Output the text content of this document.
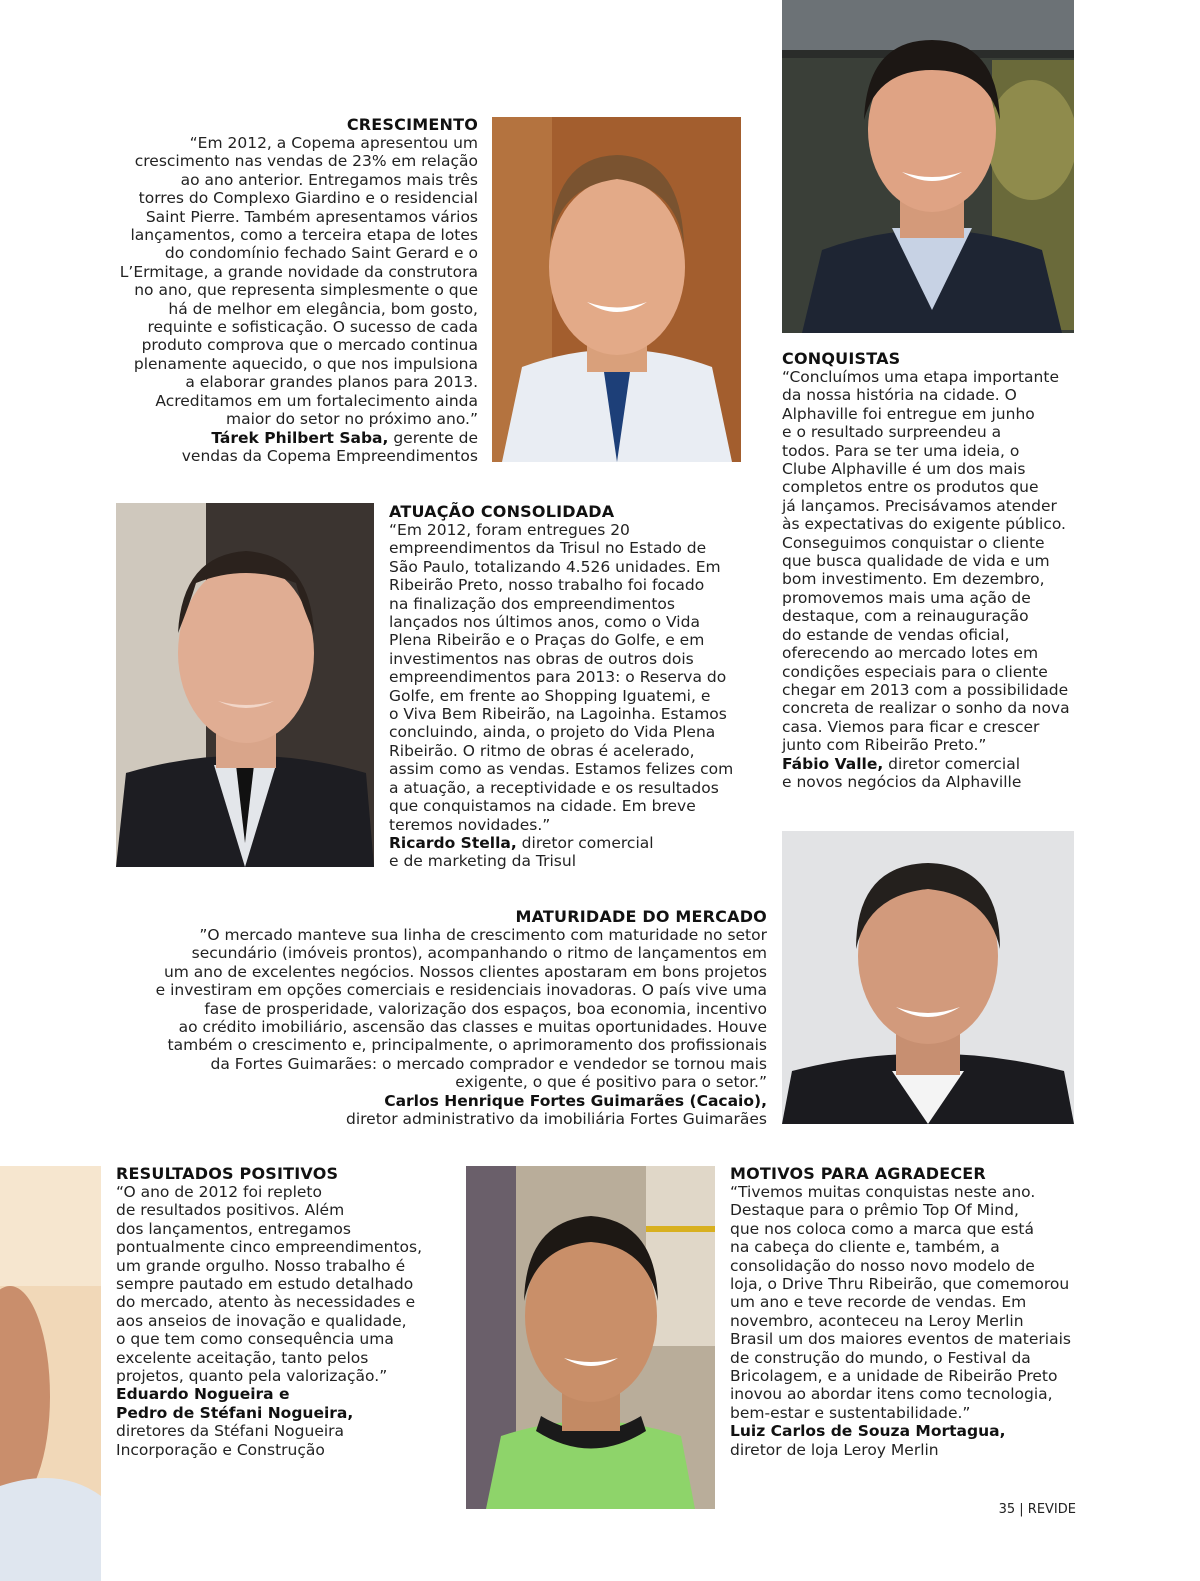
CRESCIMENTO

“Em 2012, a Copema apresentou um
crescimento nas vendas de 23% em relação
ao ano anterior. Entregamos mais três
torres do Complexo Giardino e o residencial
Saint Pierre. Também apresentamos vários
lançamentos, como a terceira etapa de lotes
do condomínio fechado Saint Gerard e o
L’Ermitage, a grande novidade da construtora
no ano, que representa simplesmente o que
há de melhor em elegância, bom gosto,
requinte e sofisticação. O sucesso de cada
produto comprova que o mercado continua
plenamente aquecido, o que nos impulsiona
a elaborar grandes planos para 2013.
Acreditamos em um fortalecimento ainda
maior do setor no próximo ano.”

Tárek Philbert Saba, gerente de
vendas da Copema Empreendimentos

CONQUISTAS

“Concluímos uma etapa importante
da nossa história na cidade. O
Alphaville foi entregue em junho
e o resultado surpreendeu a
todos. Para se ter uma ideia, o
Clube Alphaville é um dos mais
completos entre os produtos que
já lançamos. Precisávamos atender
às expectativas do exigente público.
Conseguimos conquistar o cliente
que busca qualidade de vida e um
bom investimento. Em dezembro,
promovemos mais uma ação de
destaque, com a reinauguração
do estande de vendas oficial,
oferecendo ao mercado lotes em
condições especiais para o cliente
chegar em 2013 com a possibilidade
concreta de realizar o sonho da nova
casa. Viemos para ficar e crescer
junto com Ribeirão Preto.”

Fábio Valle, diretor comercial
e novos negócios da Alphaville

ATUAÇÃO CONSOLIDADA

“Em 2012, foram entregues 20
empreendimentos da Trisul no Estado de
São Paulo, totalizando 4.526 unidades. Em
Ribeirão Preto, nosso trabalho foi focado
na finalização dos empreendimentos
lançados nos últimos anos, como o Vida
Plena Ribeirão e o Praças do Golfe, e em
investimentos nas obras de outros dois
empreendimentos para 2013: o Reserva do
Golfe, em frente ao Shopping Iguatemi, e
o Viva Bem Ribeirão, na Lagoinha. Estamos
concluindo, ainda, o projeto do Vida Plena
Ribeirão. O ritmo de obras é acelerado,
assim como as vendas. Estamos felizes com
a atuação, a receptividade e os resultados
que conquistamos na cidade. Em breve
teremos novidades.”

Ricardo Stella, diretor comercial
e de marketing da Trisul

MATURIDADE DO MERCADO

”O mercado manteve sua linha de crescimento com maturidade no setor
secundário (imóveis prontos), acompanhando o ritmo de lançamentos em
um ano de excelentes negócios. Nossos clientes apostaram em bons projetos
e investiram em opções comerciais e residenciais inovadoras. O país vive uma
fase de prosperidade, valorização dos espaços, boa economia, incentivo
ao crédito imobiliário, ascensão das classes e muitas oportunidades. Houve
também o crescimento e, principalmente, o aprimoramento dos profissionais
da Fortes Guimarães: o mercado comprador e vendedor se tornou mais
exigente, o que é positivo para o setor.”

Carlos Henrique Fortes Guimarães (Cacaio),
diretor administrativo da imobiliária Fortes Guimarães

RESULTADOS POSITIVOS

“O ano de 2012 foi repleto
de resultados positivos. Além
dos lançamentos, entregamos
pontualmente cinco empreendimentos,
um grande orgulho. Nosso trabalho é
sempre pautado em estudo detalhado
do mercado, atento às necessidades e
aos anseios de inovação e qualidade,
o que tem como consequência uma
excelente aceitação, tanto pelos
projetos, quanto pela valorização.”

Eduardo Nogueira e
Pedro de Stéfani Nogueira,
diretores da Stéfani Nogueira
Incorporação e Construção

MOTIVOS PARA AGRADECER

“Tivemos muitas conquistas neste ano.
Destaque para o prêmio Top Of Mind,
que nos coloca como a marca que está
na cabeça do cliente e, também, a
consolidação do nosso novo modelo de
loja, o Drive Thru Ribeirão, que comemorou
um ano e teve recorde de vendas. Em
novembro, aconteceu na Leroy Merlin
Brasil um dos maiores eventos de materiais
de construção do mundo, o Festival da
Bricolagem, e a unidade de Ribeirão Preto
inovou ao abordar itens como tecnologia,
bem-estar e sustentabilidade.”

Luiz Carlos de Souza Mortagua,
diretor de loja Leroy Merlin

35 | REVIDE
